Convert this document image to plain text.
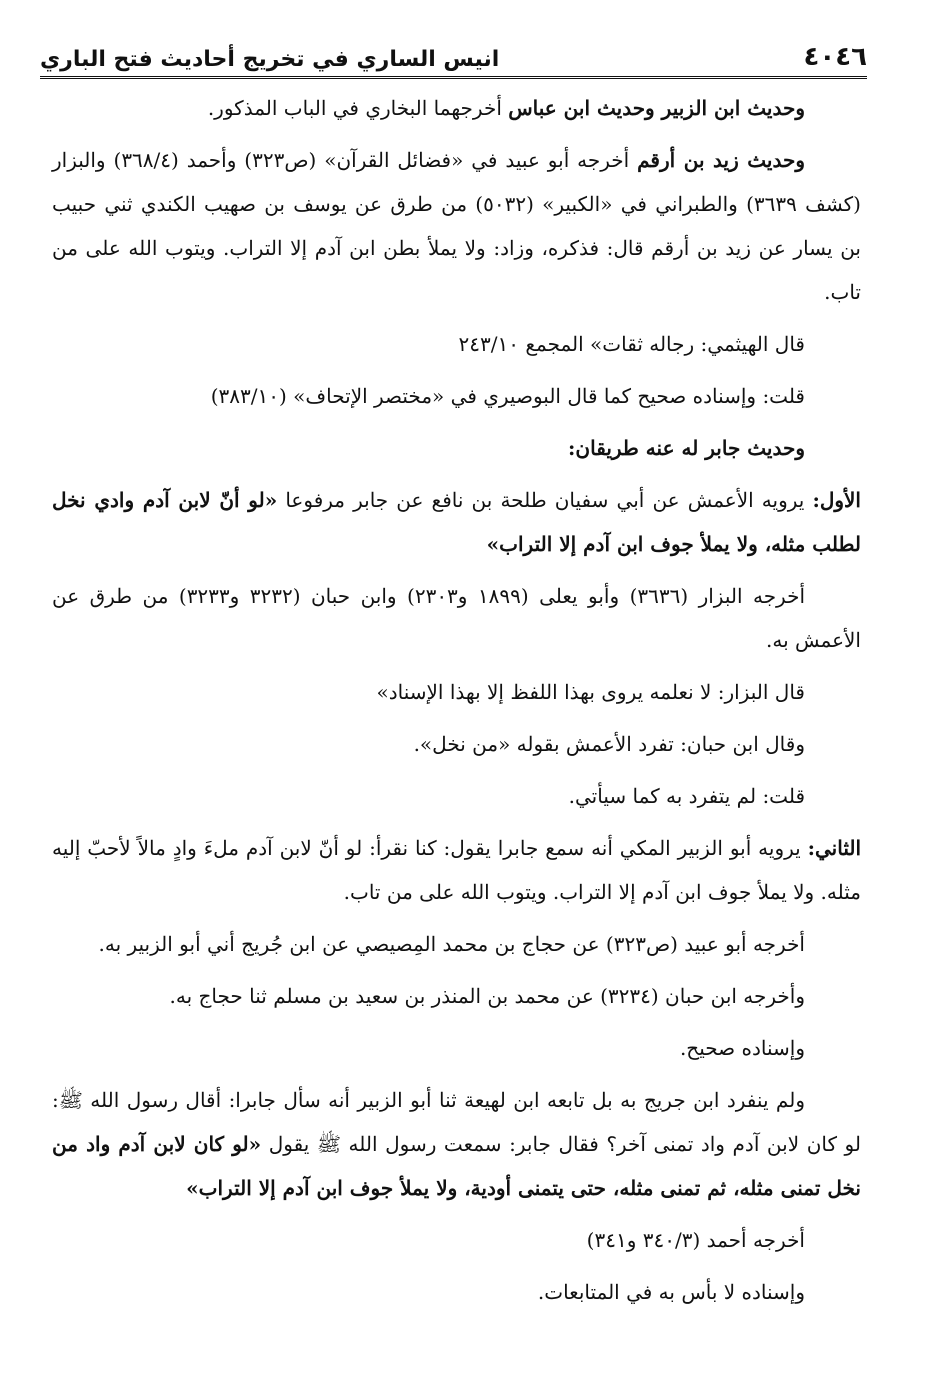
٤٠٤٦
انيس الساري في تخريج أحاديث فتح الباري

وحديث ابن الزبير وحديث ابن عباس أخرجهما البخاري في الباب المذكور.

وحديث زيد بن أرقم أخرجه أبو عبيد في «فضائل القرآن» (ص٣٢٣) وأحمد (٣٦٨/٤) والبزار (كشف ٣٦٣٩) والطبراني في «الكبير» (٥٠٣٢) من طرق عن يوسف بن صهيب الكندي ثني حبيب بن يسار عن زيد بن أرقم قال: فذكره، وزاد: ولا يملأ بطن ابن آدم إلا التراب. ويتوب الله على من تاب.

قال الهيثمي: رجاله ثقات» المجمع ٢٤٣/١٠

قلت: وإسناده صحيح كما قال البوصيري في «مختصر الإتحاف» (٣٨٣/١٠)

وحديث جابر له عنه طريقان:

الأول: يرويه الأعمش عن أبي سفيان طلحة بن نافع عن جابر مرفوعا «لو أنّ لابن آدم وادي نخل لطلب مثله، ولا يملأ جوف ابن آدم إلا التراب»

أخرجه البزار (٣٦٣٦) وأبو يعلى (١٨٩٩ و٢٣٠٣) وابن حبان (٣٢٣٢ و٣٢٣٣) من طرق عن الأعمش به.

قال البزار: لا نعلمه يروى بهذا اللفظ إلا بهذا الإسناد»

وقال ابن حبان: تفرد الأعمش بقوله «من نخل».

قلت: لم يتفرد به كما سيأتي.

الثاني: يرويه أبو الزبير المكي أنه سمع جابرا يقول: كنا نقرأ: لو أنّ لابن آدم ملءَ وادٍ مالاً لأحبّ إليه مثله. ولا يملأ جوف ابن آدم إلا التراب. ويتوب الله على من تاب.

أخرجه أبو عبيد (ص٣٢٣) عن حجاج بن محمد المِصيصي عن ابن جُريج أني أبو الزبير به.

وأخرجه ابن حبان (٣٢٣٤) عن محمد بن المنذر بن سعيد بن مسلم ثنا حجاج به.

وإسناده صحيح.

ولم ينفرد ابن جريج به بل تابعه ابن لهيعة ثنا أبو الزبير أنه سأل جابرا: أقال رسول الله ﷺ: لو كان لابن آدم واد تمنى آخر؟ فقال جابر: سمعت رسول الله ﷺ يقول «لو كان لابن آدم واد من نخل تمنى مثله، ثم تمنى مثله، حتى يتمنى أودية، ولا يملأ جوف ابن آدم إلا التراب»

أخرجه أحمد (٣٤٠/٣ و٣٤١)

وإسناده لا بأس به في المتابعات.
